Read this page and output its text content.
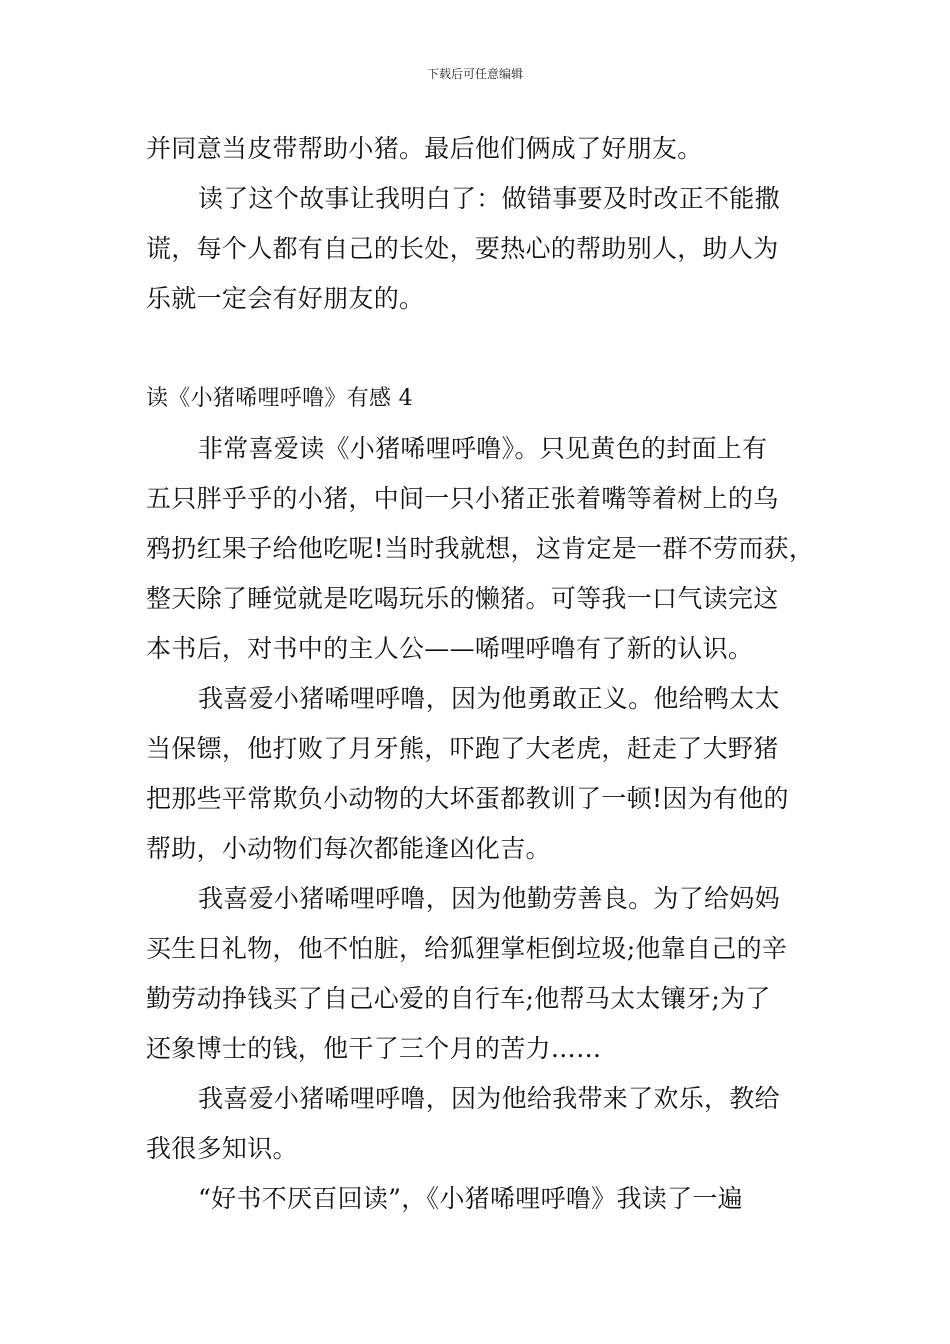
下载后可任意编辑
并同意当皮带帮助小猪。最后他们俩成了好朋友。
读了这个故事让我明白了：做错事要及时改正不能撒
谎，每个人都有自己的长处，要热心的帮助别人，助人为
乐就一定会有好朋友的。
读《小猪唏哩呼噜》有感 4
非常喜爱读《小猪唏哩呼噜》。只见黄色的封面上有
五只胖乎乎的小猪，中间一只小猪正张着嘴等着树上的乌
鸦扔红果子给他吃呢!当时我就想，这肯定是一群不劳而获，
整天除了睡觉就是吃喝玩乐的懒猪。可等我一口气读完这
本书后，对书中的主人公——唏哩呼噜有了新的认识。
我喜爱小猪唏哩呼噜，因为他勇敢正义。他给鸭太太
当保镖，他打败了月牙熊，吓跑了大老虎，赶走了大野猪
把那些平常欺负小动物的大坏蛋都教训了一顿!因为有他的
帮助，小动物们每次都能逢凶化吉。
我喜爱小猪唏哩呼噜，因为他勤劳善良。为了给妈妈
买生日礼物，他不怕脏，给狐狸掌柜倒垃圾;他靠自己的辛
勤劳动挣钱买了自己心爱的自行车;他帮马太太镶牙;为了
还象博士的钱，他干了三个月的苦力……
我喜爱小猪唏哩呼噜，因为他给我带来了欢乐，教给
我很多知识。
“好书不厌百回读”，《小猪唏哩呼噜》我读了一遍
